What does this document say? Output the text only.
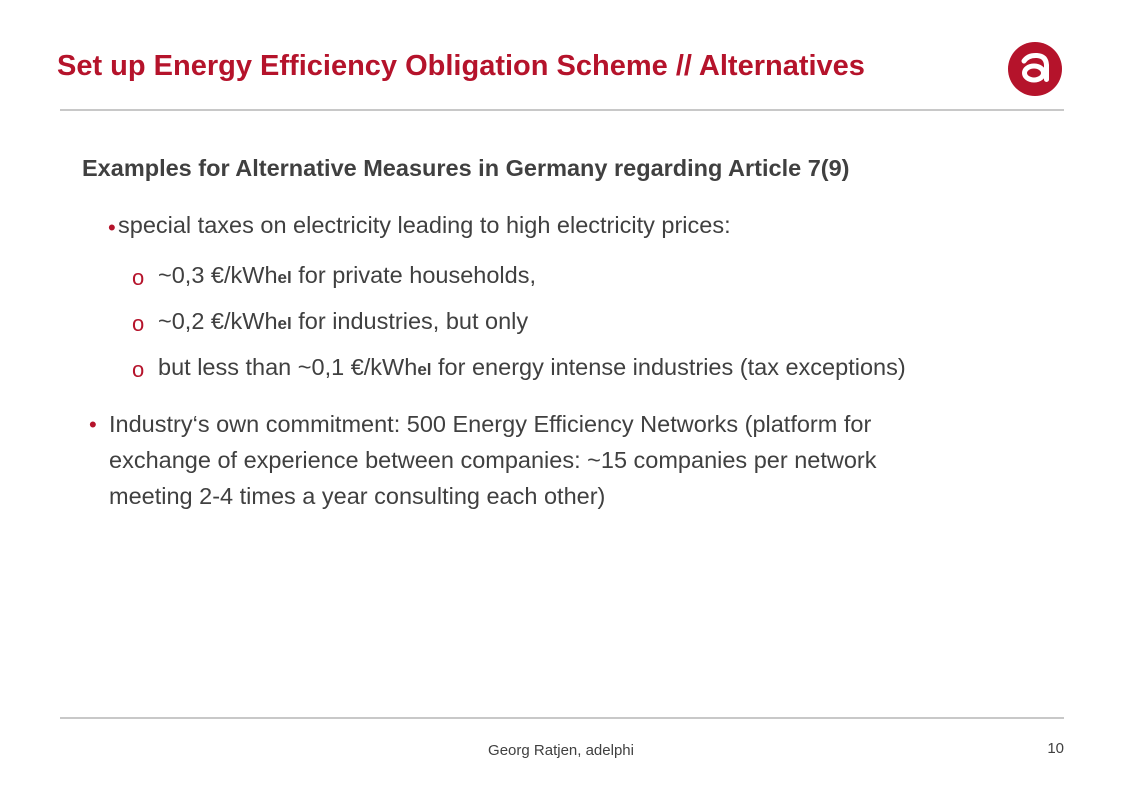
Set up Energy Efficiency Obligation Scheme // Alternatives
Examples for Alternative Measures in Germany regarding Article 7(9)
• special taxes on electricity leading to high electricity prices:

o ~0,3 €/kWhel for private households,

o ~0,2 €/kWhel for industries, but only

o but less than ~0,1 €/kWhel for energy intense industries (tax exceptions)

• Industry‘s own commitment: 500 Energy Efficiency Networks (platform for
exchange of experience between companies: ~15 companies per network
meeting 2-4 times a year consulting each other)

Georg Ratjen, adelphi	10
